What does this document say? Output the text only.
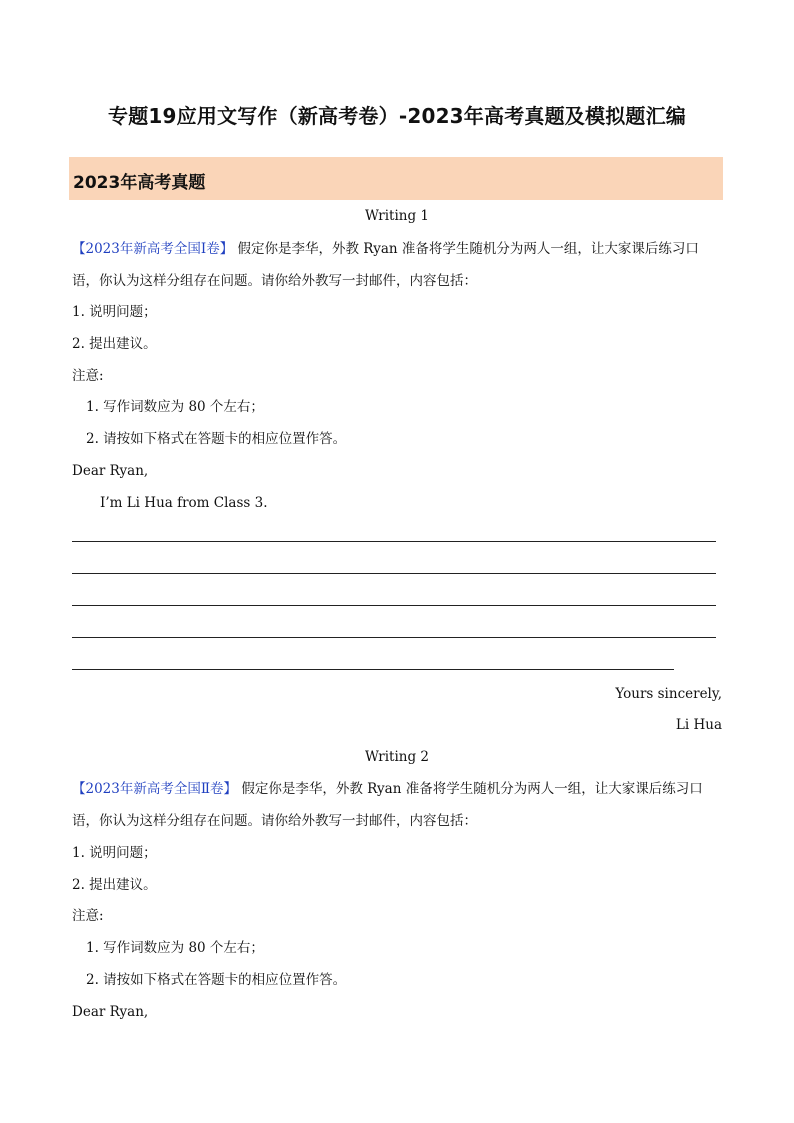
专题19应用文写作（新高考卷）-2023年高考真题及模拟题汇编
2023年高考真题
Writing 1
【2023年新高考全国Ⅰ卷】 假定你是李华，外教 Ryan 准备将学生随机分为两人一组，让大家课后练习口
语，你认为这样分组存在问题。请你给外教写一封邮件，内容包括：
1. 说明问题；
2. 提出建议。
注意:
1. 写作词数应为 80 个左右；
2. 请按如下格式在答题卡的相应位置作答。
Dear Ryan,
I’m Li Hua from Class 3.
Yours sincerely,
Li Hua
Writing 2
【2023年新高考全国Ⅱ卷】 假定你是李华，外教 Ryan 准备将学生随机分为两人一组，让大家课后练习口
语，你认为这样分组存在问题。请你给外教写一封邮件，内容包括：
1. 说明问题；
2. 提出建议。
注意:
1. 写作词数应为 80 个左右；
2. 请按如下格式在答题卡的相应位置作答。
Dear Ryan,
